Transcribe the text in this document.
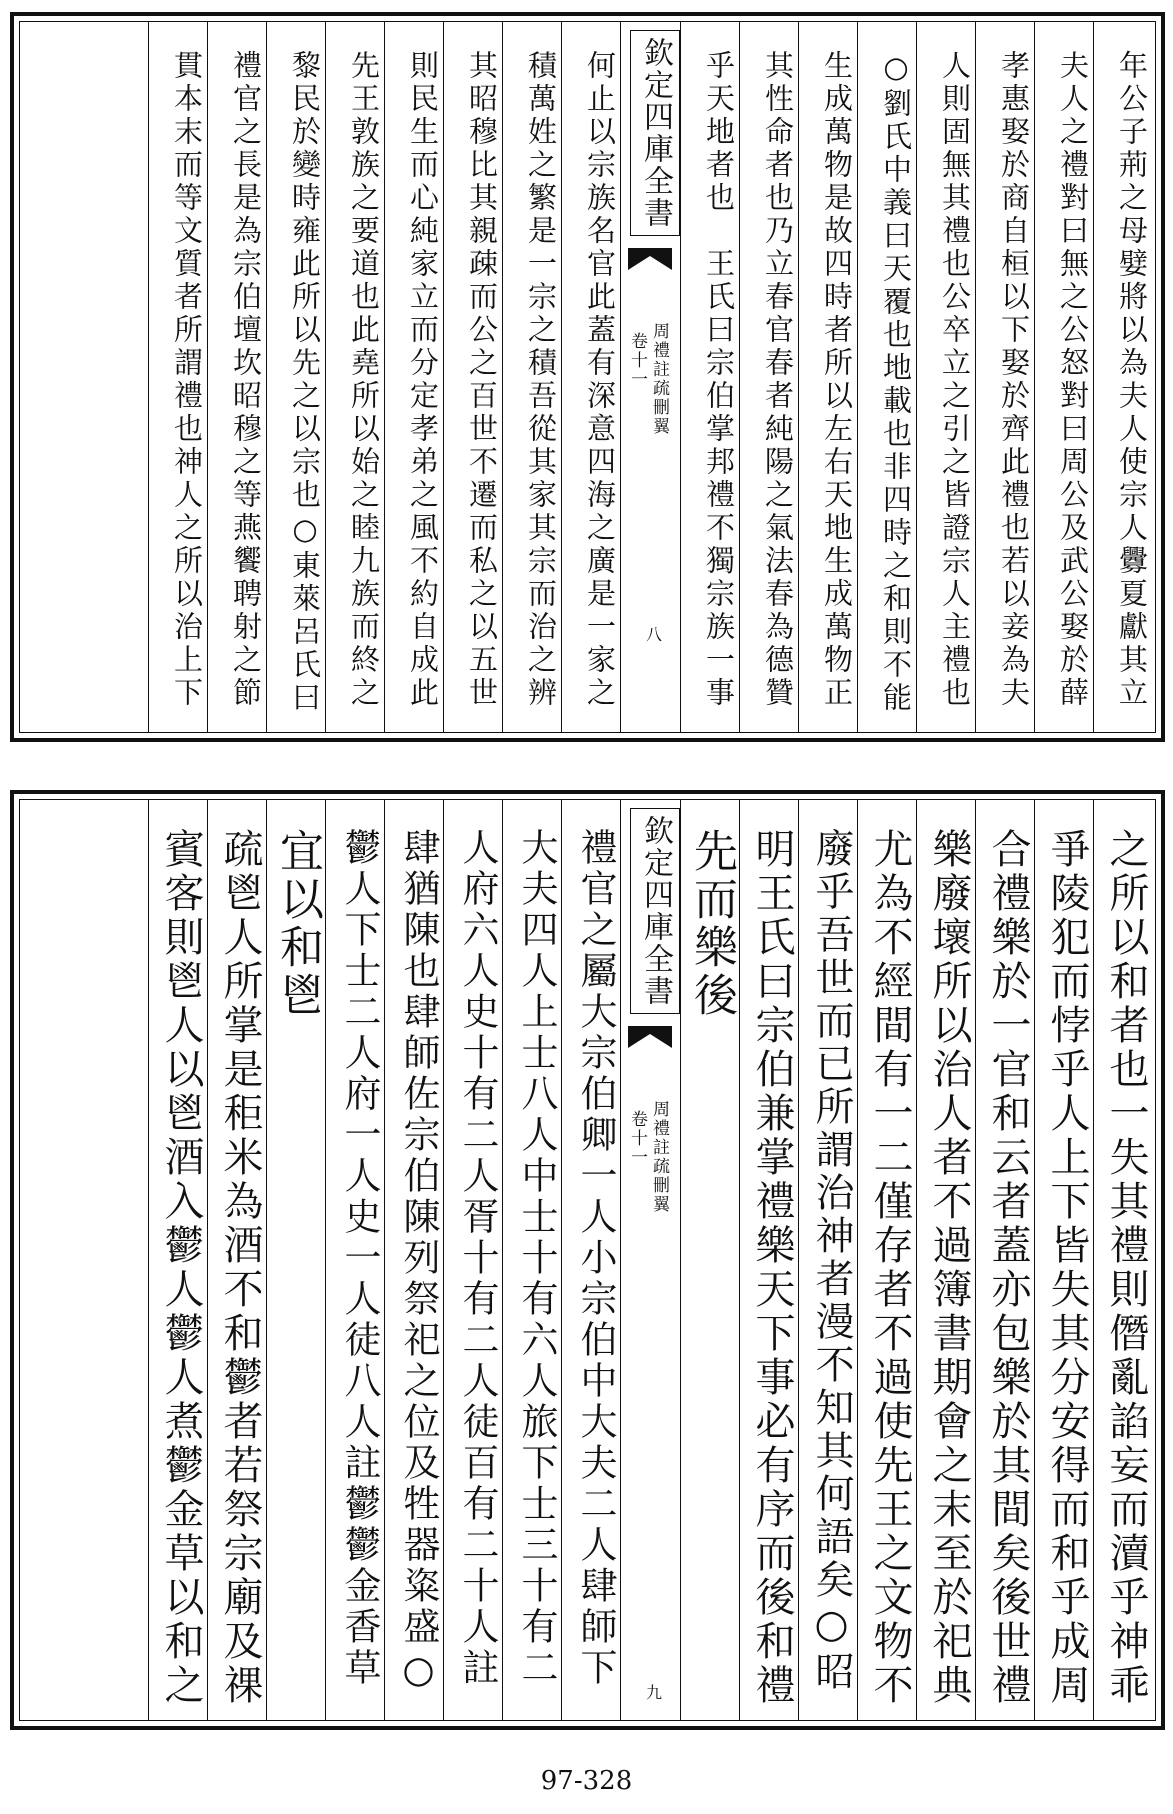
年公子荊之母嬖將以為夫人使宗人釁夏獻其立
夫人之禮對曰無之公怒對曰周公及武公娶於薛
孝惠娶於商自桓以下娶於齊此禮也若以妾為夫
人則固無其禮也公卒立之引之皆證宗人主禮也
○劉氏中義曰天覆也地載也非四時之和則不能
生成萬物是故四時者所以左右天地生成萬物正
其性命者也乃立春官春者純陽之氣法春為德贊
乎天地者也　王氏曰宗伯掌邦禮不獨宗族一事
欽定四庫全書
周禮註疏刪翼
卷十一
八
何止以宗族名官此蓋有深意四海之廣是一家之
積萬姓之繁是一宗之積吾從其家其宗而治之辨
其昭穆比其親疎而公之百世不遷而私之以五世
則民生而心純家立而分定孝弟之風不約自成此
先王敦族之要道也此堯所以始之睦九族而終之
黎民於變時雍此所以先之以宗也○東萊呂氏曰
禮官之長是為宗伯壇坎昭穆之等燕饗聘射之節
貫本末而等文質者所謂禮也神人之所以治上下
之所以和者也一失其禮則僭亂諂妄而瀆乎神乖
爭陵犯而悖乎人上下皆失其分安得而和乎成周
合禮樂於一官和云者蓋亦包樂於其間矣後世禮
樂廢壞所以治人者不過簿書期會之末至於祀典
尤為不經間有一二僅存者不過使先王之文物不
廢乎吾世而已所謂治神者漫不知其何語矣○昭
明王氏曰宗伯兼掌禮樂天下事必有序而後和禮
先而樂後
欽定四庫全書
周禮註疏刪翼
卷十一
九
禮官之屬大宗伯卿一人小宗伯中大夫二人肆師下
大夫四人上士八人中士十有六人旅下士三十有二
人府六人史十有二人胥十有二人徒百有二十人註
肆猶陳也肆師佐宗伯陳列祭祀之位及牲器粢盛○
鬱人下士二人府一人史一人徒八人註鬱鬱金香草
宜以和鬯
疏鬯人所掌是秬米為酒不和鬱者若祭宗廟及祼
賓客則鬯人以鬯酒入鬱人鬱人煮鬱金草以和之
97-328
